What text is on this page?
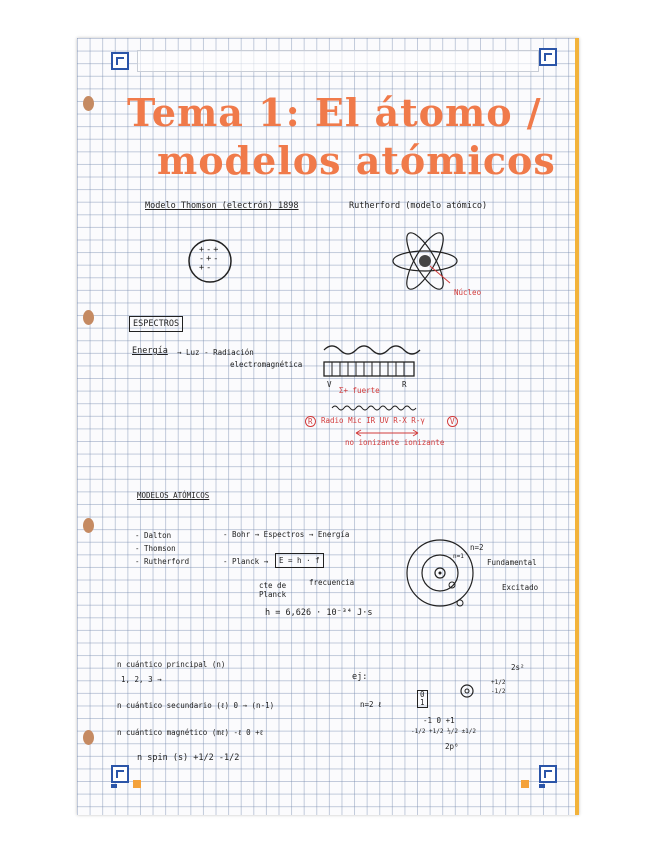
Tema 1: El átomo /
modelos atómicos
Modelo Thomson (electrón) 1898	Rutherford (modelo atómico)
+-+
-+-
+-
Núcleo
ESPECTROS
Energía → Luz - Radiación
electromagnética
V
Σ+ fuerte
R
R	Radio Mic IR UV R-X R-γ	V
no ionizante ionizante
MODELOS ATÓMICOS
- Dalton
- Thomson
- Rutherford
- Bohr → Espectros → Energía
- Planck →	E = h · f
cte de
Planck
frecuencia
h = 6,626 · 10⁻³⁴ J·s
n=2
n=1
Fundamental
Excitado
n cuántico principal (n)
1, 2, 3 →
n cuántico secundario (ℓ) 0 → (n-1)
n cuántico magnético (mℓ) -ℓ 0 +ℓ
n spin (s) +1/2 -1/2
ej:
n=2 ℓ
0
1
2s²
+1/2
-1/2
-1 0 +1
-1/2 +1/2 ½/2 ±1/2
2p⁶
